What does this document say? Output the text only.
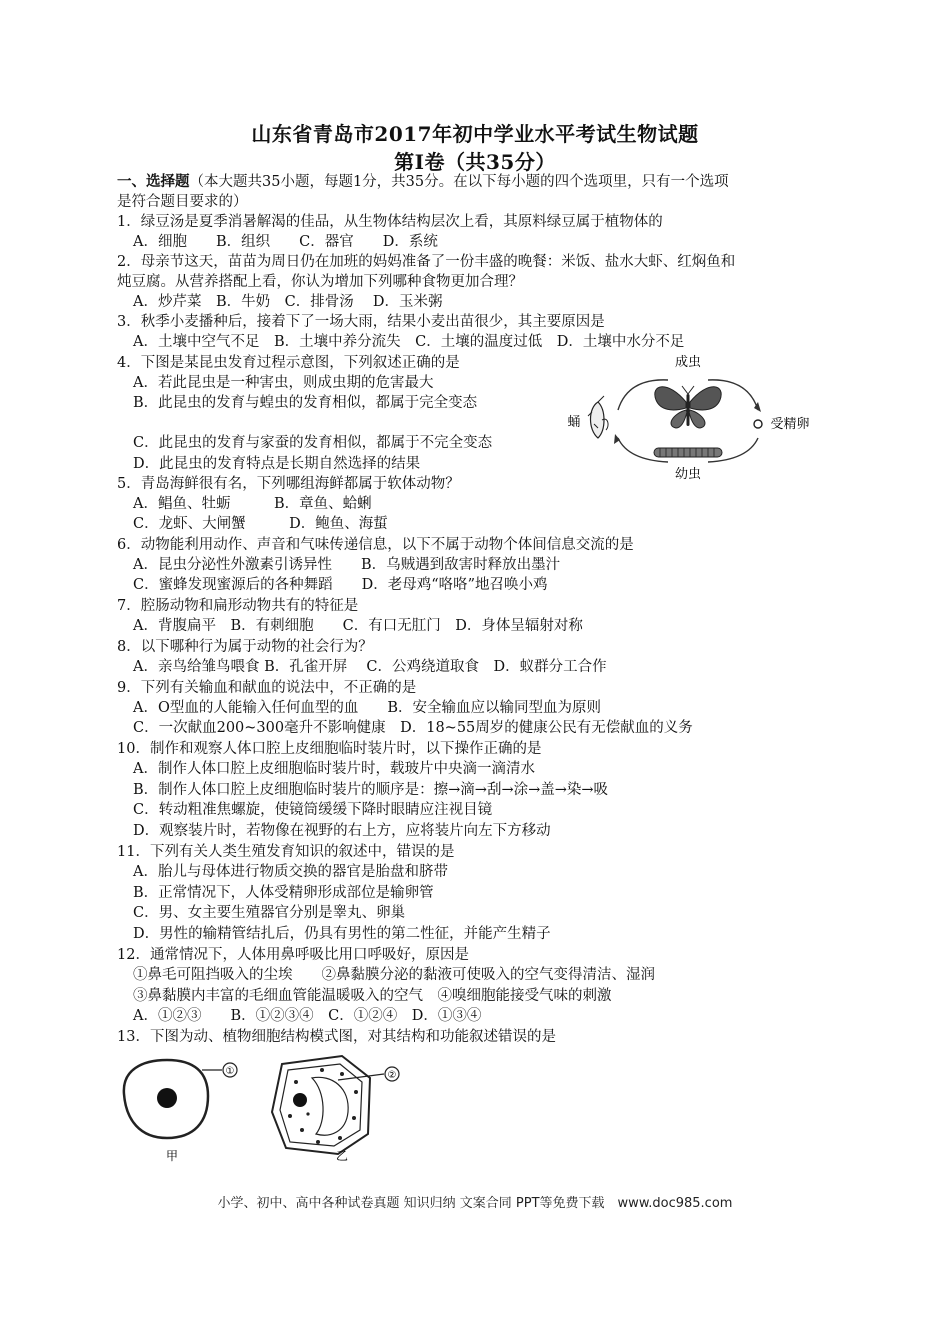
山东省青岛市2017年初中学业水平考试生物试题
第I卷（共35分）
一、选择题（本大题共35小题，每题1分，共35分。在以下每小题的四个选项里，只有一个选项
是符合题目要求的）
1．绿豆汤是夏季消暑解渴的佳品，从生物体结构层次上看，其原料绿豆属于植物体的
A．细胞　　B．组织　　C．器官　　D．系统
2．母亲节这天，苗苗为周日仍在加班的妈妈准备了一份丰盛的晚餐：米饭、盐水大虾、红焖鱼和
炖豆腐。从营养搭配上看，你认为增加下列哪种食物更加合理？
A．炒芹菜　B．牛奶　C．排骨汤　 D．玉米粥
3．秋季小麦播种后，接着下了一场大雨，结果小麦出苗很少，其主要原因是
A．土壤中空气不足　B．土壤中养分流失　C．土壤的温度过低　D．土壤中水分不足
4．下图是某昆虫发育过程示意图，下列叙述正确的是
A．若此昆虫是一种害虫，则成虫期的危害最大
B．此昆虫的发育与蝗虫的发育相似，都属于完全变态
C．此昆虫的发育与家蚕的发育相似，都属于不完全变态
D．此昆虫的发育特点是长期自然选择的结果
5．青岛海鲜很有名，下列哪组海鲜都属于软体动物？
A．鲳鱼、牡蛎　　　B．章鱼、蛤蜊
C．龙虾、大闸蟹　　　D．鲍鱼、海蜇
6．动物能利用动作、声音和气味传递信息，以下不属于动物个体间信息交流的是
A．昆虫分泌性外激素引诱异性　　B．乌贼遇到敌害时释放出墨汁
C．蜜蜂发现蜜源后的各种舞蹈　　D．老母鸡“咯咯”地召唤小鸡
7．腔肠动物和扁形动物共有的特征是
A．背腹扁平　B．有刺细胞　　C．有口无肛门　D．身体呈辐射对称
8．以下哪种行为属于动物的社会行为？
A．亲鸟给雏鸟喂食 B．孔雀开屏　 C．公鸡绕道取食　D．蚁群分工合作
9．下列有关输血和献血的说法中，不正确的是
A．O型血的人能输入任何血型的血　　B．安全输血应以输同型血为原则
C．一次献血200~300毫升不影响健康　D．18~55周岁的健康公民有无偿献血的义务
10．制作和观察人体口腔上皮细胞临时装片时，以下操作正确的是
A．制作人体口腔上皮细胞临时装片时，载玻片中央滴一滴清水
B．制作人体口腔上皮细胞临时装片的顺序是：擦→滴→刮→涂→盖→染→吸
C．转动粗准焦螺旋，使镜筒缓缓下降时眼睛应注视目镜
D．观察装片时，若物像在视野的右上方，应将装片向左下方移动
11．下列有关人类生殖发育知识的叙述中，错误的是
A．胎儿与母体进行物质交换的器官是胎盘和脐带
B．正常情况下，人体受精卵形成部位是输卵管
C．男、女主要生殖器官分别是睾丸、卵巢
D．男性的输精管结扎后，仍具有男性的第二性征，并能产生精子
12．通常情况下，人体用鼻呼吸比用口呼吸好，原因是
①鼻毛可阻挡吸入的尘埃　　②鼻黏膜分泌的黏液可使吸入的空气变得清洁、湿润
③鼻黏膜内丰富的毛细血管能温暖吸入的空气　④嗅细胞能接受气味的刺激
A．①②③　　B．①②③④　C．①②④　D．①③④
13．下图为动、植物细胞结构模式图，对其结构和功能叙述错误的是
成虫
蛹	受精卵
幼虫
①	②
甲	乙
小学、初中、高中各种试卷真题 知识归纳 文案合同 PPT等免费下载　www.doc985.com
